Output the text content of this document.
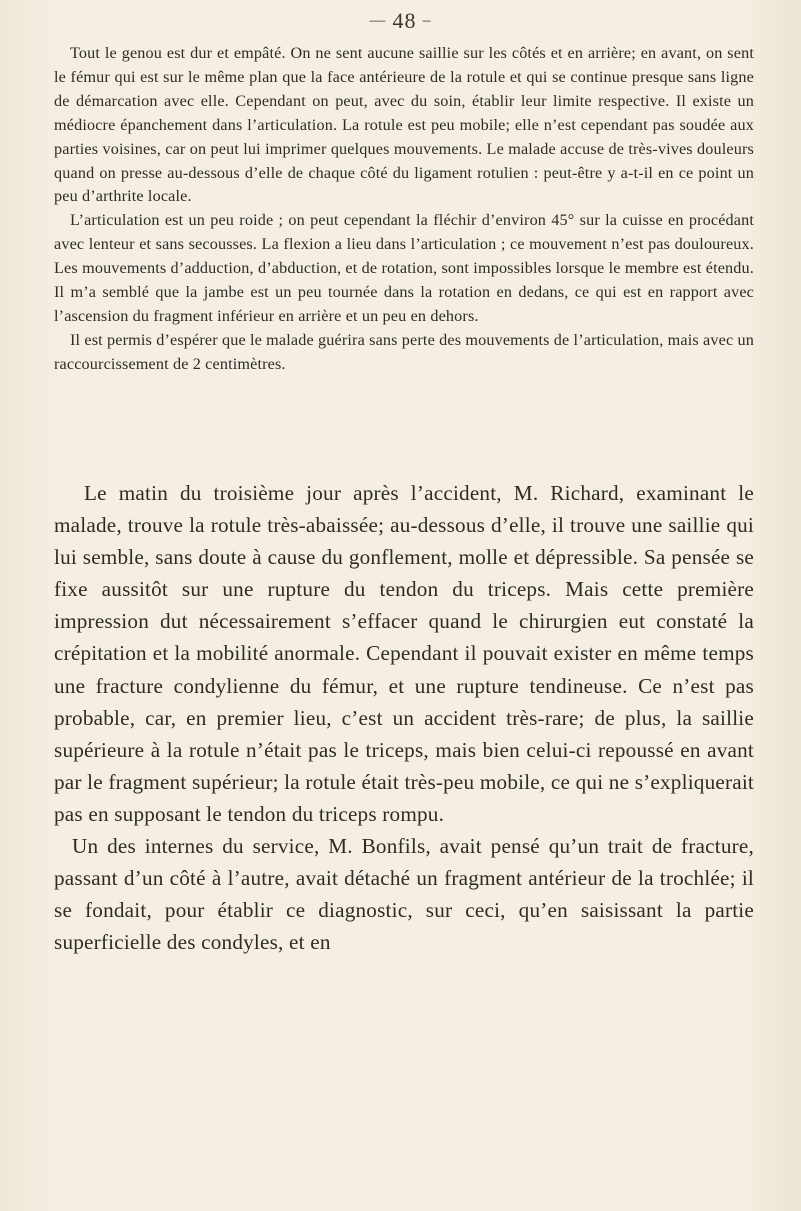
— 48 –

Tout le genou est dur et empâté. On ne sent aucune saillie sur les côtés et en arrière; en avant, on sent le fémur qui est sur le même plan que la face antérieure de la rotule et qui se continue presque sans ligne de démarcation avec elle. Cependant on peut, avec du soin, établir leur limite respective. Il existe un médiocre épanchement dans l’articulation. La rotule est peu mobile; elle n’est cependant pas soudée aux parties voisines, car on peut lui imprimer quelques mouvements. Le malade accuse de très-vives douleurs quand on presse au-dessous d’elle de chaque côté du ligament rotulien : peut-être y a-t-il en ce point un peu d’arthrite locale.

L’articulation est un peu roide ; on peut cependant la fléchir d’environ 45° sur la cuisse en procédant avec lenteur et sans secousses. La flexion a lieu dans l’articulation ; ce mouvement n’est pas douloureux. Les mouvements d’adduction, d’abduction, et de rotation, sont impossibles lorsque le membre est étendu. Il m’a semblé que la jambe est un peu tournée dans la rotation en dedans, ce qui est en rapport avec l’ascension du fragment inférieur en arrière et un peu en dehors.

Il est permis d’espérer que le malade guérira sans perte des mouvements de l’articulation, mais avec un raccourcissement de 2 centimètres.

Le matin du troisième jour après l’accident, M. Richard, examinant le malade, trouve la rotule très-abaissée; au-dessous d’elle, il trouve une saillie qui lui semble, sans doute à cause du gonflement, molle et dépressible. Sa pensée se fixe aussitôt sur une rupture du tendon du triceps. Mais cette première impression dut nécessairement s’effacer quand le chirurgien eut constaté la crépitation et la mobilité anormale. Cependant il pouvait exister en même temps une fracture condylienne du fémur, et une rupture tendineuse. Ce n’est pas probable, car, en premier lieu, c’est un accident très-rare; de plus, la saillie supérieure à la rotule n’était pas le triceps, mais bien celui-ci repoussé en avant par le fragment supérieur; la rotule était très-peu mobile, ce qui ne s’expliquerait pas en supposant le tendon du triceps rompu.

Un des internes du service, M. Bonfils, avait pensé qu’un trait de fracture, passant d’un côté à l’autre, avait détaché un fragment antérieur de la trochlée; il se fondait, pour établir ce diagnostic, sur ceci, qu’en saisissant la partie superficielle des condyles, et en
